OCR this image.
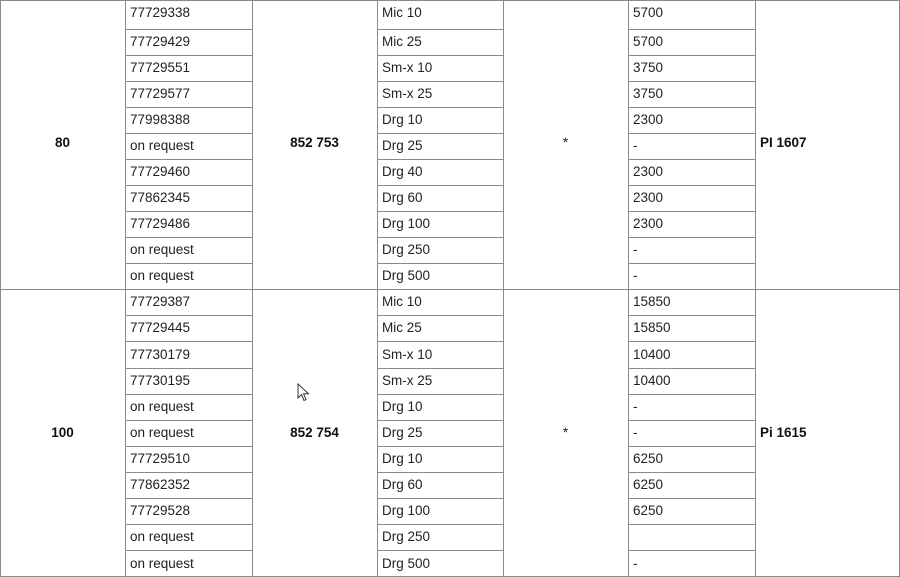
80	852 753	*	PI 1607
77729338	Mic 10	5700
77729429	Mic 25	5700
77729551	Sm-x 10	3750
77729577	Sm-x 25	3750
77998388	Drg 10	2300
on request	Drg 25	-
77729460	Drg 40	2300
77862345	Drg 60	2300
77729486	Drg 100	2300
on request	Drg 250	-
on request	Drg 500	-
100	852 754	*	Pi 1615
77729387	Mic 10	15850
77729445	Mic 25	15850
77730179	Sm-x 10	10400
77730195	Sm-x 25	10400
on request	Drg 10	-
on request	Drg 25	-
77729510	Drg 10	6250
77862352	Drg 60	6250
77729528	Drg 100	6250
on request	Drg 250
on request	Drg 500	-
